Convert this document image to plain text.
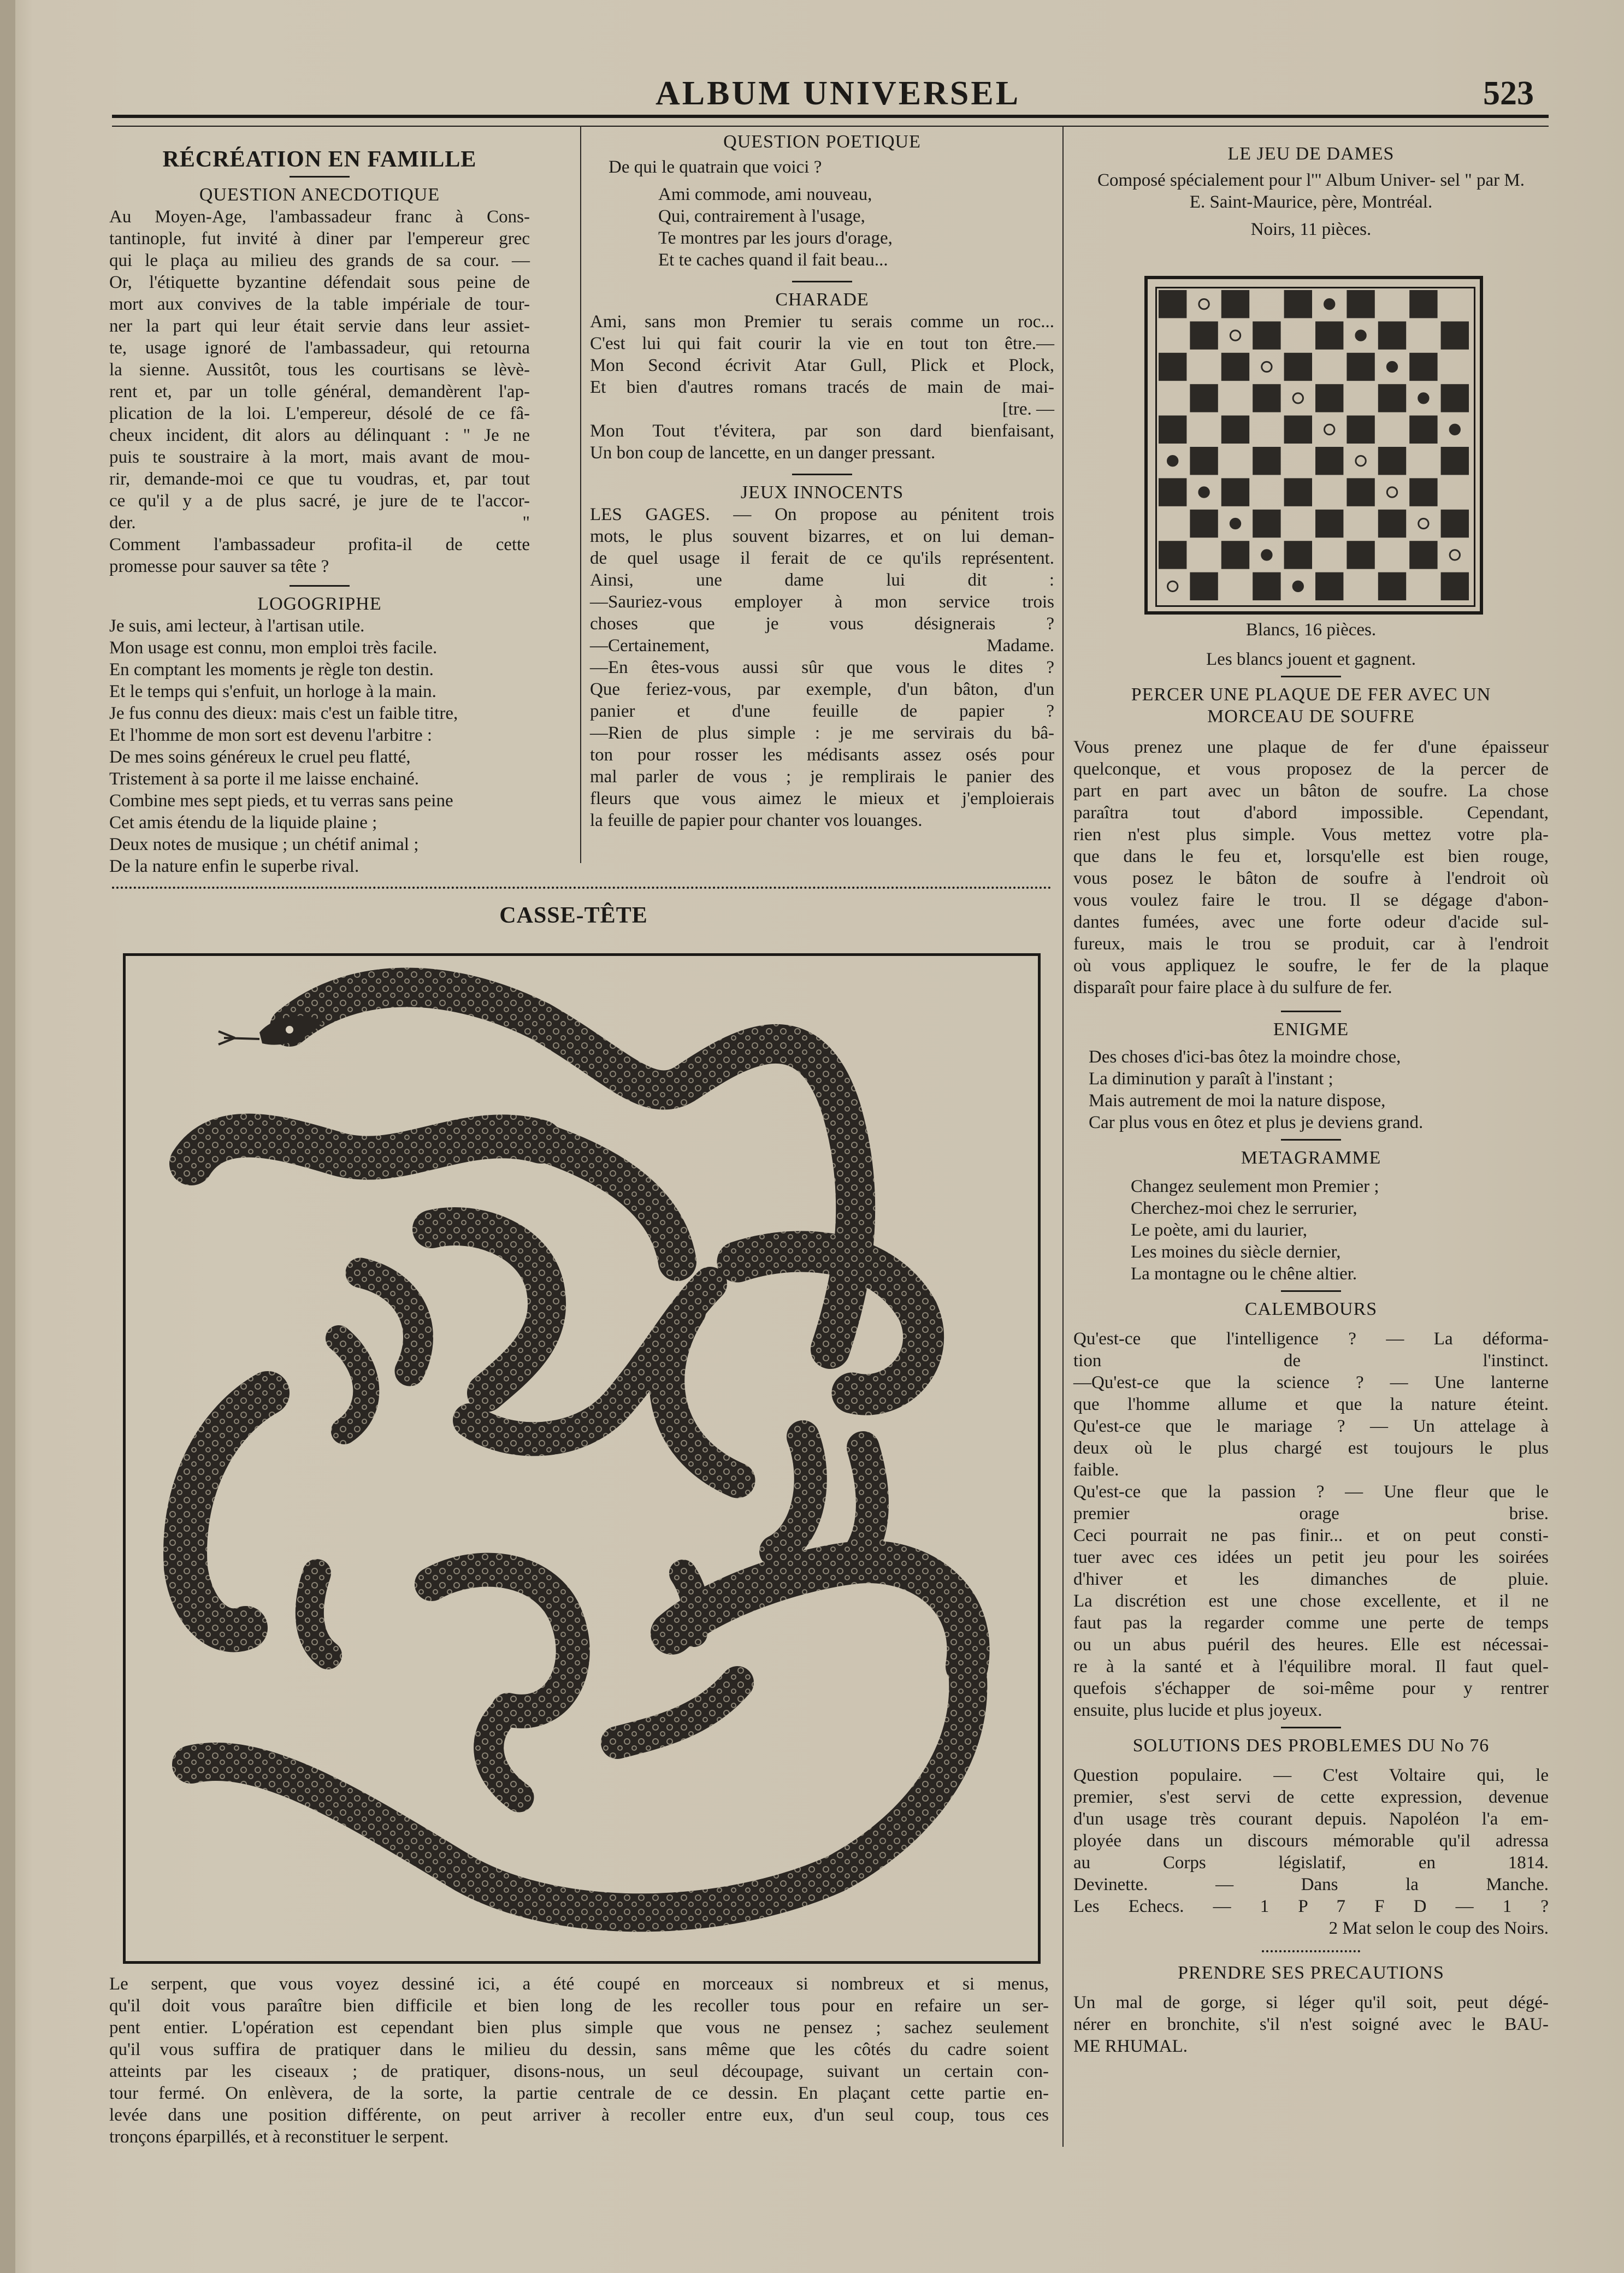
ALBUM UNIVERSEL	523

RÉCRÉATION EN FAMILLE

QUESTION ANECDOTIQUE

Au Moyen-Age, l'ambassadeur franc à Cons-

tantinople, fut invité à diner par l'empereur grec

qui le plaça au milieu des grands de sa cour. —

Or, l'étiquette byzantine défendait sous peine de

mort aux convives de la table impériale de tour-

ner la part qui leur était servie dans leur assiet-

te, usage ignoré de l'ambassadeur, qui retourna

la sienne. Aussitôt, tous les courtisans se lèvè-

rent et, par un tolle général, demandèrent l'ap-

plication de la loi. L'empereur, désolé de ce fâ-

cheux incident, dit alors au délinquant : " Je ne

puis te soustraire à la mort, mais avant de mou-

rir, demande-moi ce que tu voudras, et, par tout

ce qu'il y a de plus sacré, je jure de te l'accor-

der. "

Comment l'ambassadeur profita-il de cette

promesse pour sauver sa tête ?

LOGOGRIPHE

Je suis, ami lecteur, à l'artisan utile.

Mon usage est connu, mon emploi très facile.

En comptant les moments je règle ton destin.

Et le temps qui s'enfuit, un horloge à la main.

Je fus connu des dieux: mais c'est un faible titre,

Et l'homme de mon sort est devenu l'arbitre :

De mes soins généreux le cruel peu flatté,

Tristement à sa porte il me laisse enchainé.

Combine mes sept pieds, et tu verras sans peine

Cet amis étendu de la liquide plaine ;

Deux notes de musique ; un chétif animal ;

De la nature enfin le superbe rival.

QUESTION POETIQUE

De qui le quatrain que voici ?

Ami commode, ami nouveau,

Qui, contrairement à l'usage,

Te montres par les jours d'orage,

Et te caches quand il fait beau...

CHARADE

Ami, sans mon Premier tu serais comme un roc...

C'est lui qui fait courir la vie en tout ton être.—

Mon Second écrivit Atar Gull, Plick et Plock,

Et bien d'autres romans tracés de main de mai-

[tre. —

Mon Tout t'évitera, par son dard bienfaisant,

Un bon coup de lancette, en un danger pressant.

JEUX INNOCENTS

LES GAGES. — On propose au pénitent trois

mots, le plus souvent bizarres, et on lui deman-

de quel usage il ferait de ce qu'ils représentent.

Ainsi, une dame lui dit :

—Sauriez-vous employer à mon service trois

choses que je vous désignerais ?

—Certainement, Madame.

—En êtes-vous aussi sûr que vous le dites ?

Que feriez-vous, par exemple, d'un bâton, d'un

panier et d'une feuille de papier ?

—Rien de plus simple : je me servirais du bâ-

ton pour rosser les médisants assez osés pour

mal parler de vous ; je remplirais le panier des

fleurs que vous aimez le mieux et j'emploierais

la feuille de papier pour chanter vos louanges.

LE JEU DE DAMES

Composé spécialement pour l'" Album Univer- sel " par M. E. Saint-Maurice, père, Montréal.

Noirs, 11 pièces.

Blancs, 16 pièces.

Les blancs jouent et gagnent.

PERCER UNE PLAQUE DE FER AVEC UN MORCEAU DE SOUFRE

Vous prenez une plaque de fer d'une épaisseur

quelconque, et vous proposez de la percer de

part en part avec un bâton de soufre. La chose

paraîtra tout d'abord impossible. Cependant,

rien n'est plus simple. Vous mettez votre pla-

que dans le feu et, lorsqu'elle est bien rouge,

vous posez le bâton de soufre à l'endroit où

vous voulez faire le trou. Il se dégage d'abon-

dantes fumées, avec une forte odeur d'acide sul-

fureux, mais le trou se produit, car à l'endroit

où vous appliquez le soufre, le fer de la plaque

disparaît pour faire place à du sulfure de fer.

ENIGME

Des choses d'ici-bas ôtez la moindre chose,

La diminution y paraît à l'instant ;

Mais autrement de moi la nature dispose,

Car plus vous en ôtez et plus je deviens grand.

METAGRAMME

Changez seulement mon Premier ;

Cherchez-moi chez le serrurier,

Le poète, ami du laurier,

Les moines du siècle dernier,

La montagne ou le chêne altier.

CALEMBOURS

Qu'est-ce que l'intelligence ? — La déforma-

tion de l'instinct.

—Qu'est-ce que la science ? — Une lanterne

que l'homme allume et que la nature éteint.

Qu'est-ce que le mariage ? — Un attelage à

deux où le plus chargé est toujours le plus

faible.

Qu'est-ce que la passion ? — Une fleur que le

premier orage brise.

Ceci pourrait ne pas finir... et on peut consti-

tuer avec ces idées un petit jeu pour les soirées

d'hiver et les dimanches de pluie.

La discrétion est une chose excellente, et il ne

faut pas la regarder comme une perte de temps

ou un abus puéril des heures. Elle est nécessai-

re à la santé et à l'équilibre moral. Il faut quel-

quefois s'échapper de soi-même pour y rentrer

ensuite, plus lucide et plus joyeux.

SOLUTIONS DES PROBLEMES DU No 76

Question populaire. — C'est Voltaire qui, le

premier, s'est servi de cette expression, devenue

d'un usage très courant depuis. Napoléon l'a em-

ployée dans un discours mémorable qu'il adressa

au Corps législatif, en 1814.

Devinette. — Dans la Manche.

Les Echecs. — 1 P 7 F D — 1 ?

2 Mat selon le coup des Noirs.

PRENDRE SES PRECAUTIONS

Un mal de gorge, si léger qu'il soit, peut dégé-

nérer en bronchite, s'il n'est soigné avec le BAU-

ME RHUMAL.

CASSE-TÊTE

Le serpent, que vous voyez dessiné ici, a été coupé en morceaux si nombreux et si menus,

qu'il doit vous paraître bien difficile et bien long de les recoller tous pour en refaire un ser-

pent entier. L'opération est cependant bien plus simple que vous ne pensez ; sachez seulement

qu'il vous suffira de pratiquer dans le milieu du dessin, sans même que les côtés du cadre soient

atteints par les ciseaux ; de pratiquer, disons-nous, un seul découpage, suivant un certain con-

tour fermé. On enlèvera, de la sorte, la partie centrale de ce dessin. En plaçant cette partie en-

levée dans une position différente, on peut arriver à recoller entre eux, d'un seul coup, tous ces

tronçons éparpillés, et à reconstituer le serpent.
